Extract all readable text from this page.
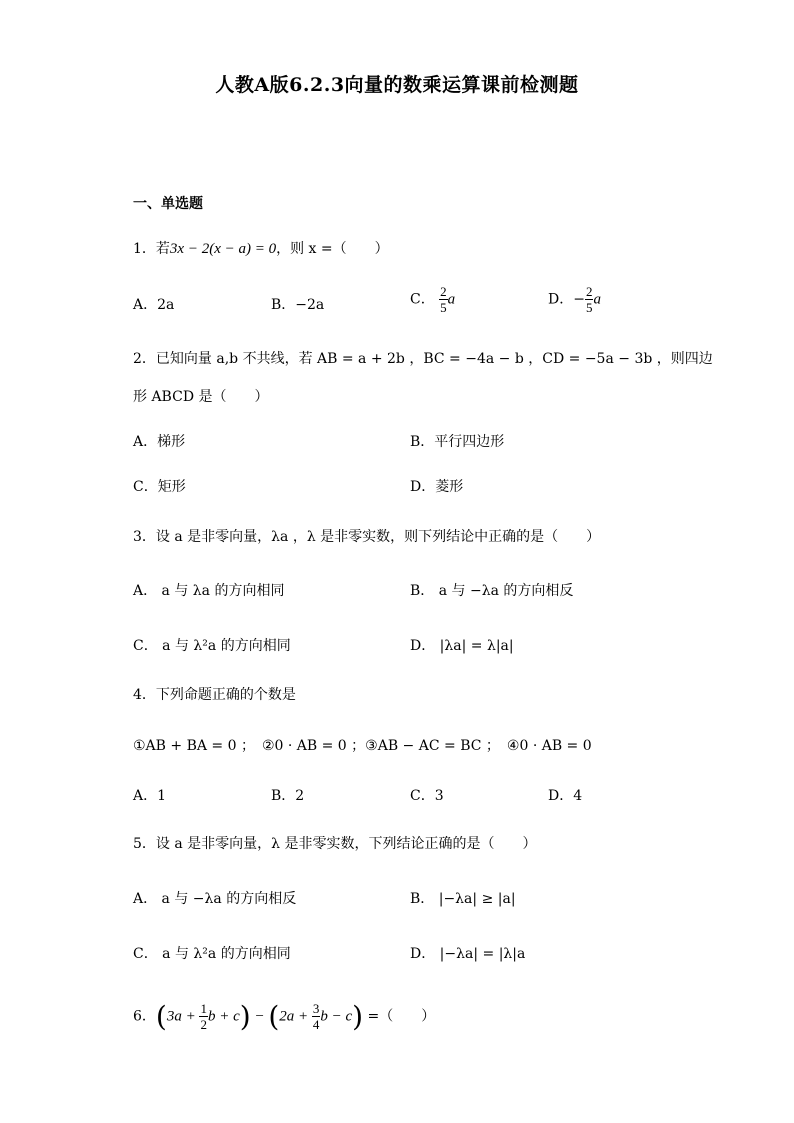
人教A版6.2.3向量的数乘运算课前检测题
一、单选题
1．若3x − 2(x − a) = 0，则 x =（　　）
A．2a	B．−2a	C． $\frac{2}{5}$ a	D．− $\frac{2}{5}$ a
2．已知向量 a,b 不共线，若 AB = a + 2b ，BC = −4a − b ，CD = −5a − 3b ，则四边
形 ABCD 是（　　）
A．梯形	B．平行四边形
C．矩形	D．菱形
3．设 a 是非零向量，λa ，λ 是非零实数，则下列结论中正确的是（　　）
A． a 与 λa 的方向相同	B． a 与 −λa 的方向相反
C． a 与 λ²a 的方向相同	D． |λa| = λ|a|
4．下列命题正确的个数是
①AB + BA = 0 ；　②0 · AB = 0 ；③AB − AC = BC ；　④0 · AB = 0
A．1	B．2	C．3	D．4
5．设 a 是非零向量，λ 是非零实数，下列结论正确的是（　　）
A． a 与 −λa 的方向相反	B． |−λa| ≥ |a|
C． a 与 λ²a 的方向相同	D． |−λa| = |λ|a
6．($3a + \frac{1}{2}$ $b + c) - (2a + \frac{3}{4}$ b − c) =（　　）
